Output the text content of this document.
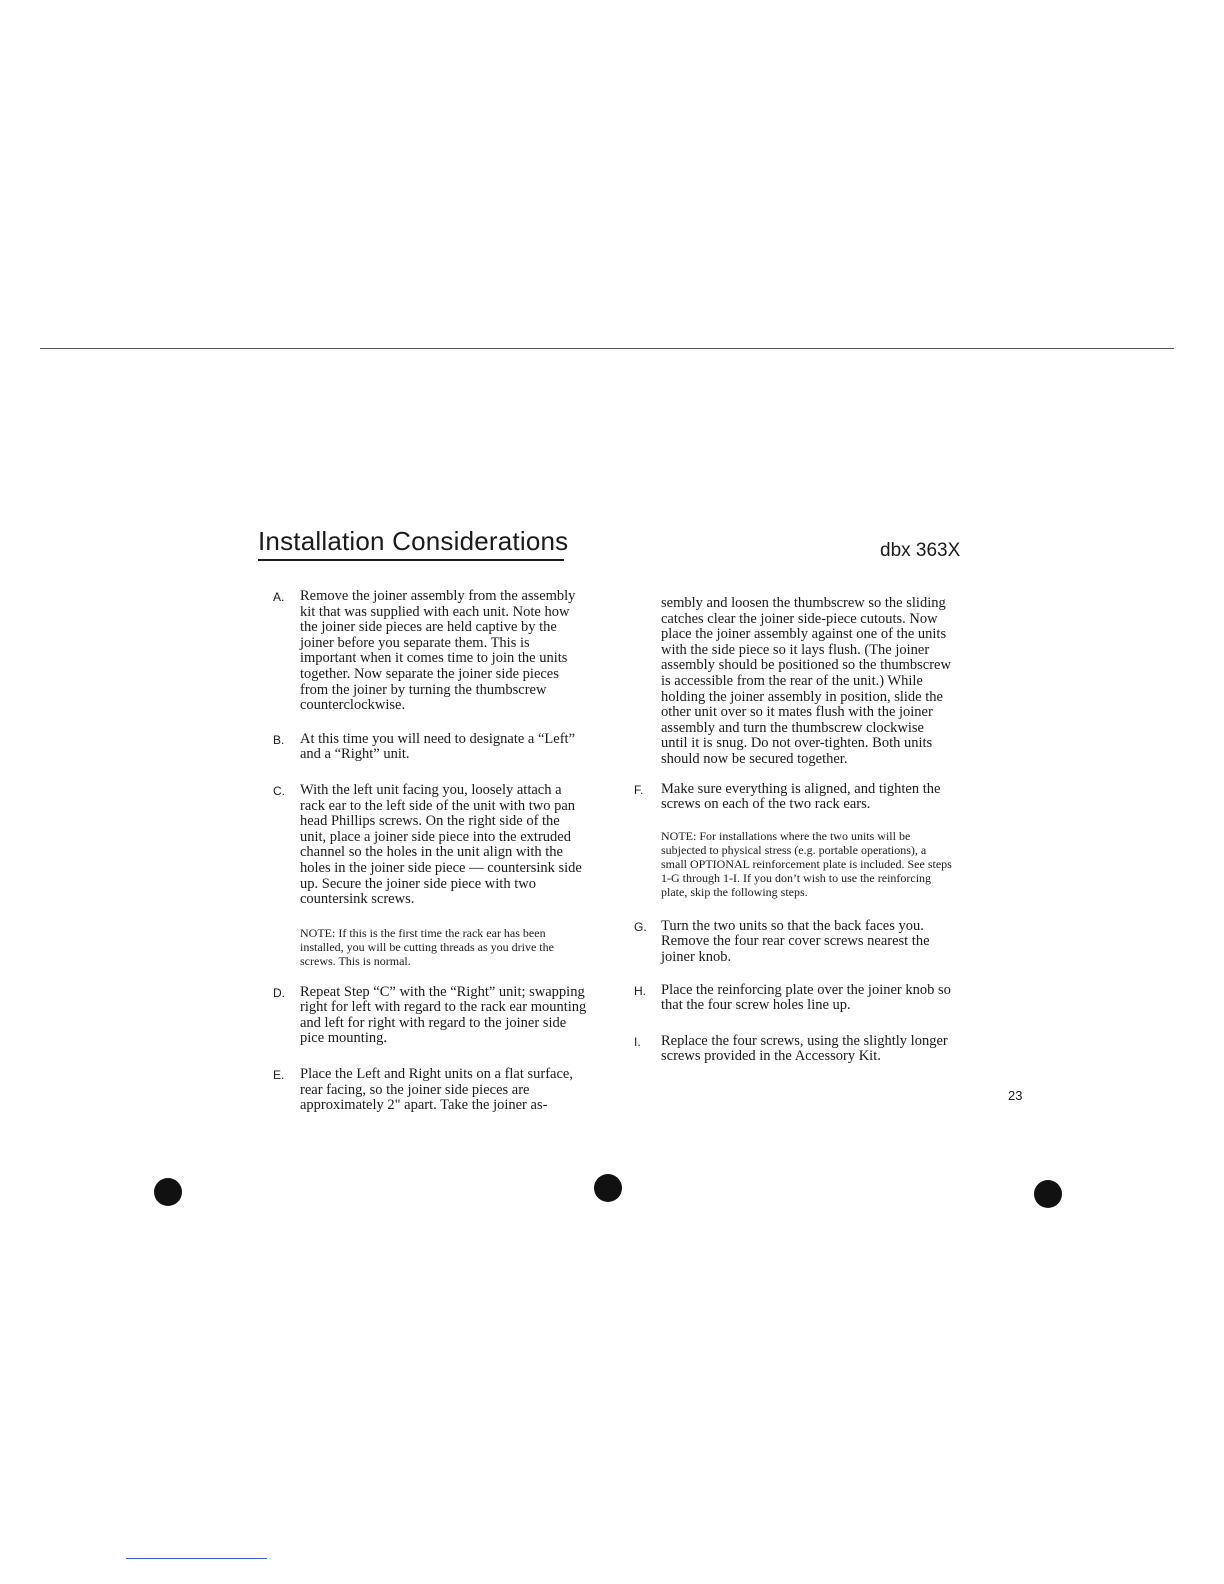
Installation Considerations	dbx 363X
A. Remove the joiner assembly from the assembly kit that was supplied with each unit. Note how the joiner side pieces are held captive by the joiner before you separate them. This is important when it comes time to join the units together. Now separate the joiner side pieces from the joiner by turning the thumbscrew counterclockwise.

B. At this time you will need to designate a “Left” and a “Right” unit.

C. With the left unit facing you, loosely attach a rack ear to the left side of the unit with two pan head Phillips screws. On the right side of the unit, place a joiner side piece into the extruded channel so the holes in the unit align with the holes in the joiner side piece — countersink side up. Secure the joiner side piece with two countersink screws.

NOTE: If this is the first time the rack ear has been installed, you will be cutting threads as you drive the screws. This is normal.

D. Repeat Step “C” with the “Right” unit; swapping right for left with regard to the rack ear mounting and left for right with regard to the joiner side pice mounting.

E. Place the Left and Right units on a flat surface, rear facing, so the joiner side pieces are approximately 2" apart. Take the joiner as-

sembly and loosen the thumbscrew so the sliding catches clear the joiner side-piece cutouts. Now place the joiner assembly against one of the units with the side piece so it lays flush. (The joiner assembly should be positioned so the thumbscrew is accessible from the rear of the unit.) While holding the joiner assembly in position, slide the other unit over so it mates flush with the joiner assembly and turn the thumbscrew clockwise until it is snug. Do not over-tighten. Both units should now be secured together.

F. Make sure everything is aligned, and tighten the screws on each of the two rack ears.

NOTE: For installations where the two units will be subjected to physical stress (e.g. portable operations), a small OPTIONAL reinforcement plate is included. See steps 1-G through 1-I. If you don’t wish to use the reinforcing plate, skip the following steps.

G. Turn the two units so that the back faces you. Remove the four rear cover screws nearest the joiner knob.

H. Place the reinforcing plate over the joiner knob so that the four screw holes line up.

I. Replace the four screws, using the slightly longer screws provided in the Accessory Kit.

23
